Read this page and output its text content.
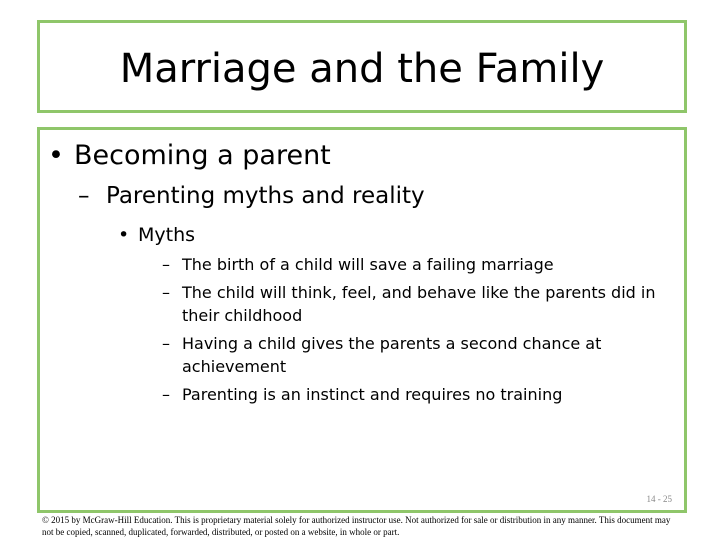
Marriage and the Family
• Becoming a parent
– Parenting myths and reality
• Myths
– The birth of a child will save a failing marriage
– The child will think, feel, and behave like the parents did in their childhood
– Having a child gives the parents a second chance at achievement
– Parenting is an instinct and requires no training
14 - 25
© 2015 by McGraw-Hill Education. This is proprietary material solely for authorized instructor use. Not authorized for sale or distribution in any manner. This document may not be copied, scanned, duplicated, forwarded, distributed, or posted on a website, in whole or part.
